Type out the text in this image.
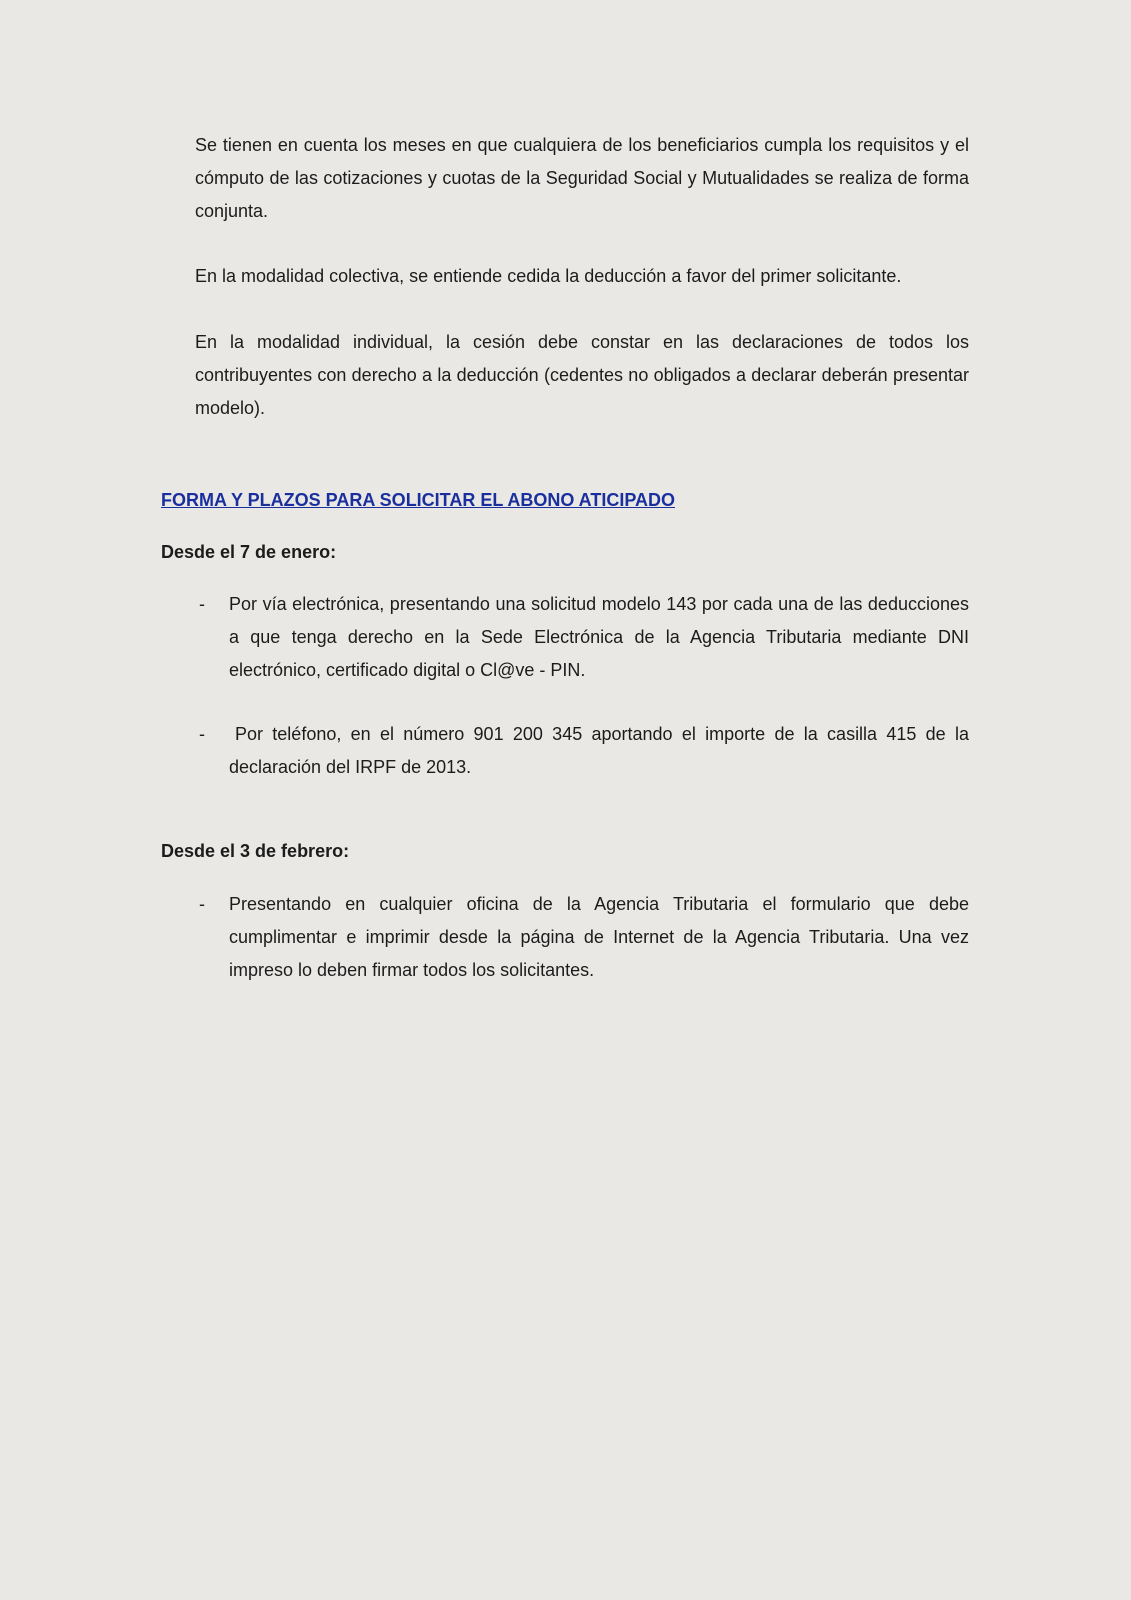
Se tienen en cuenta los meses en que cualquiera de los beneficiarios cumpla los requisitos y el cómputo de las cotizaciones y cuotas de la Seguridad Social y Mutualidades se realiza de forma conjunta.

En la modalidad colectiva, se entiende cedida la deducción a favor del primer solicitante.

En la modalidad individual, la cesión debe constar en las declaraciones de todos los contribuyentes con derecho a la deducción (cedentes no obligados a declarar deberán presentar modelo).

FORMA Y PLAZOS PARA SOLICITAR EL ABONO ATICIPADO
Desde el 7 de enero:
- Por vía electrónica, presentando una solicitud modelo 143 por cada una de las deducciones a que tenga derecho en la Sede Electrónica de la Agencia Tributaria mediante DNI electrónico, certificado digital o Cl@ve - PIN.

-	Por teléfono, en el número 901 200 345 aportando el importe de la casilla 415 de la declaración del IRPF de 2013.

Desde el 3 de febrero:
- Presentando en cualquier oficina de la Agencia Tributaria el formulario que debe cumplimentar e imprimir desde la página de Internet de la Agencia Tributaria. Una vez impreso lo deben firmar todos los solicitantes.
